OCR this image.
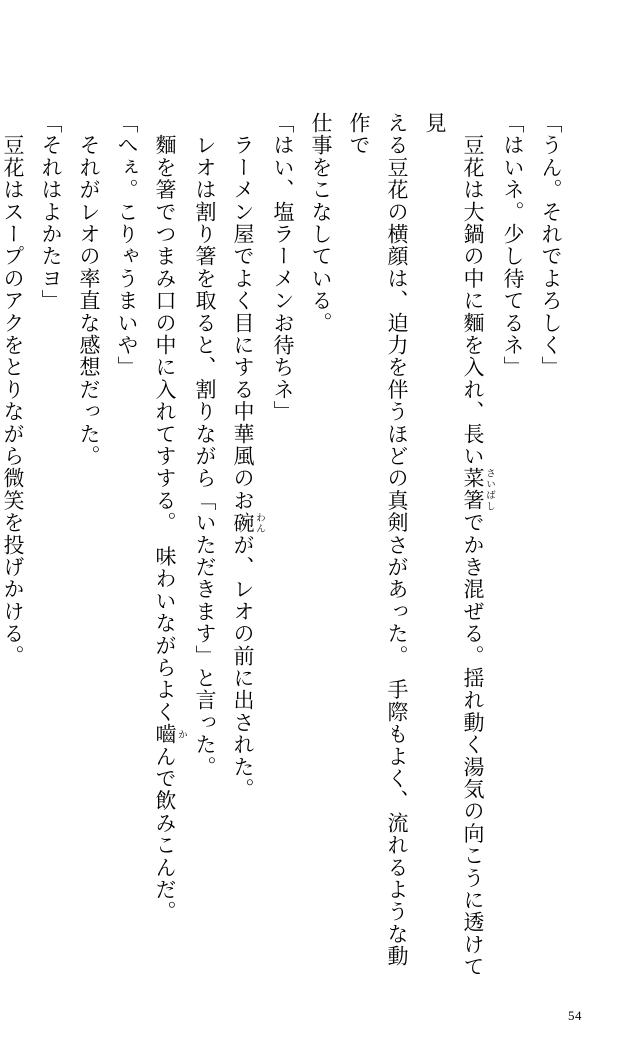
「うん。それでよろしく」

「はいネ。少し待てるネ」

　豆花は大鍋の中に麵を入れ、長い菜箸 さいばしでかき混ぜる。揺れ動く湯気の向こうに透けて見

える豆花の横顔は、迫力を伴うほどの真剣さがあった。　手際もよく、流れるような動作で

仕事をこなしている。

「はい、塩ラーメンお待ちネ」

　ラーメン屋でよく目にする中華風のお碗 わんが、レオの前に出された。

　レオは割り箸を取ると、割りながら「いただきます」と言った。

　麵を箸でつまみ口の中に入れてすする。　味わいながらよく嚙 かんで飲みこんだ。

「へぇ。こりゃうまいや」

　それがレオの率直な感想だった。

「それはよかたヨ」

　豆花はスープのアクをとりながら微笑を投げかける。

54
